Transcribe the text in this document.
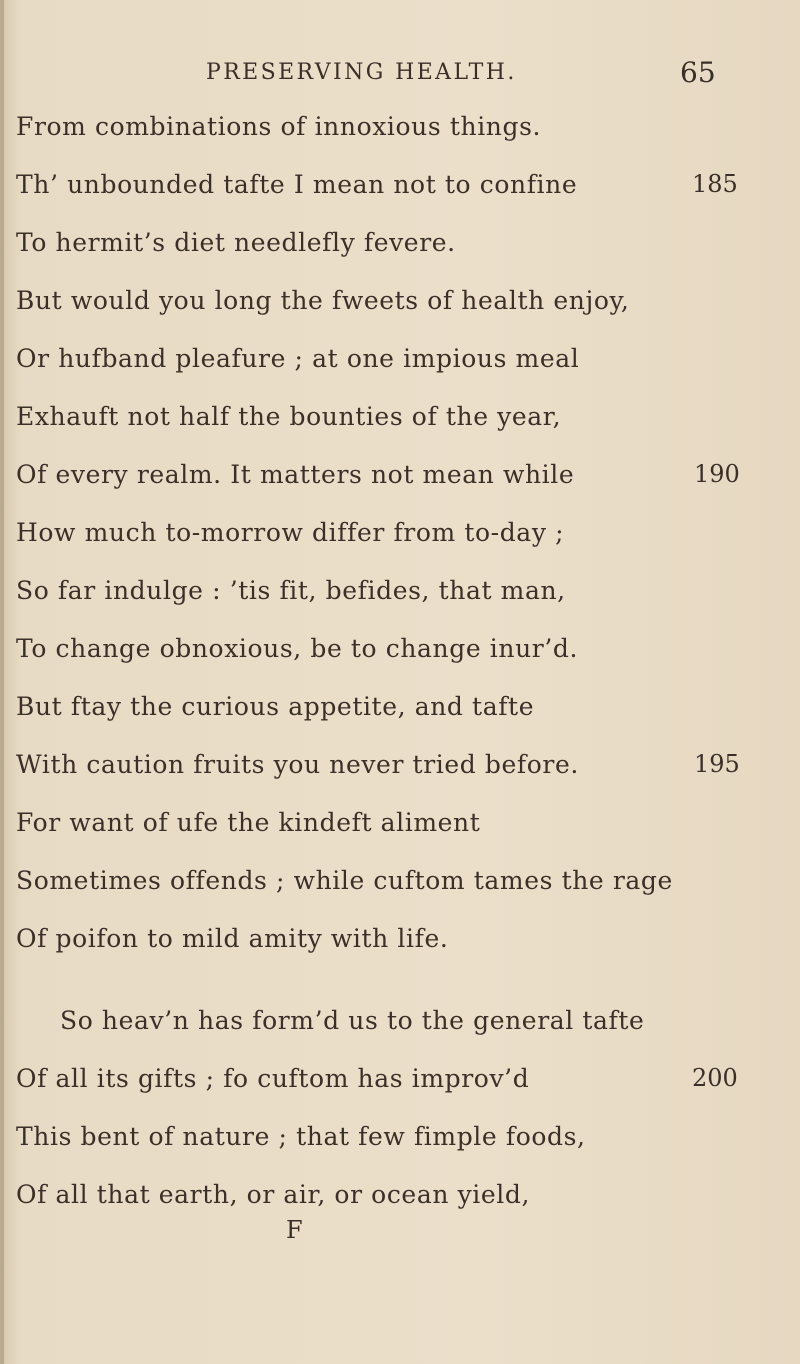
PRESERVING HEALTH.	65
From combinations of innoxious things.
Th’ unbounded tafte I mean not to confine
To hermit’s diet needlefly fevere.
But would you long the fweets of health enjoy,
Or hufband pleafure ; at one impious meal
Exhauft not half the bounties of the year,
Of every realm. It matters not mean while
How much to-morrow differ from to-day ;
So far indulge : ’tis fit, befides, that man,
To change obnoxious, be to change inur’d.
But ftay the curious appetite, and tafte
With caution fruits you never tried before.
For want of ufe the kindeft aliment
Sometimes offends ; while cuftom tames the rage
Of poifon to mild amity with life.
So heav’n has form’d us to the general tafte
Of all its gifts ; fo cuftom has improv’d
This bent of nature ; that few fimple foods,
Of all that earth, or air, or ocean yield,
185
190
195
200
F
